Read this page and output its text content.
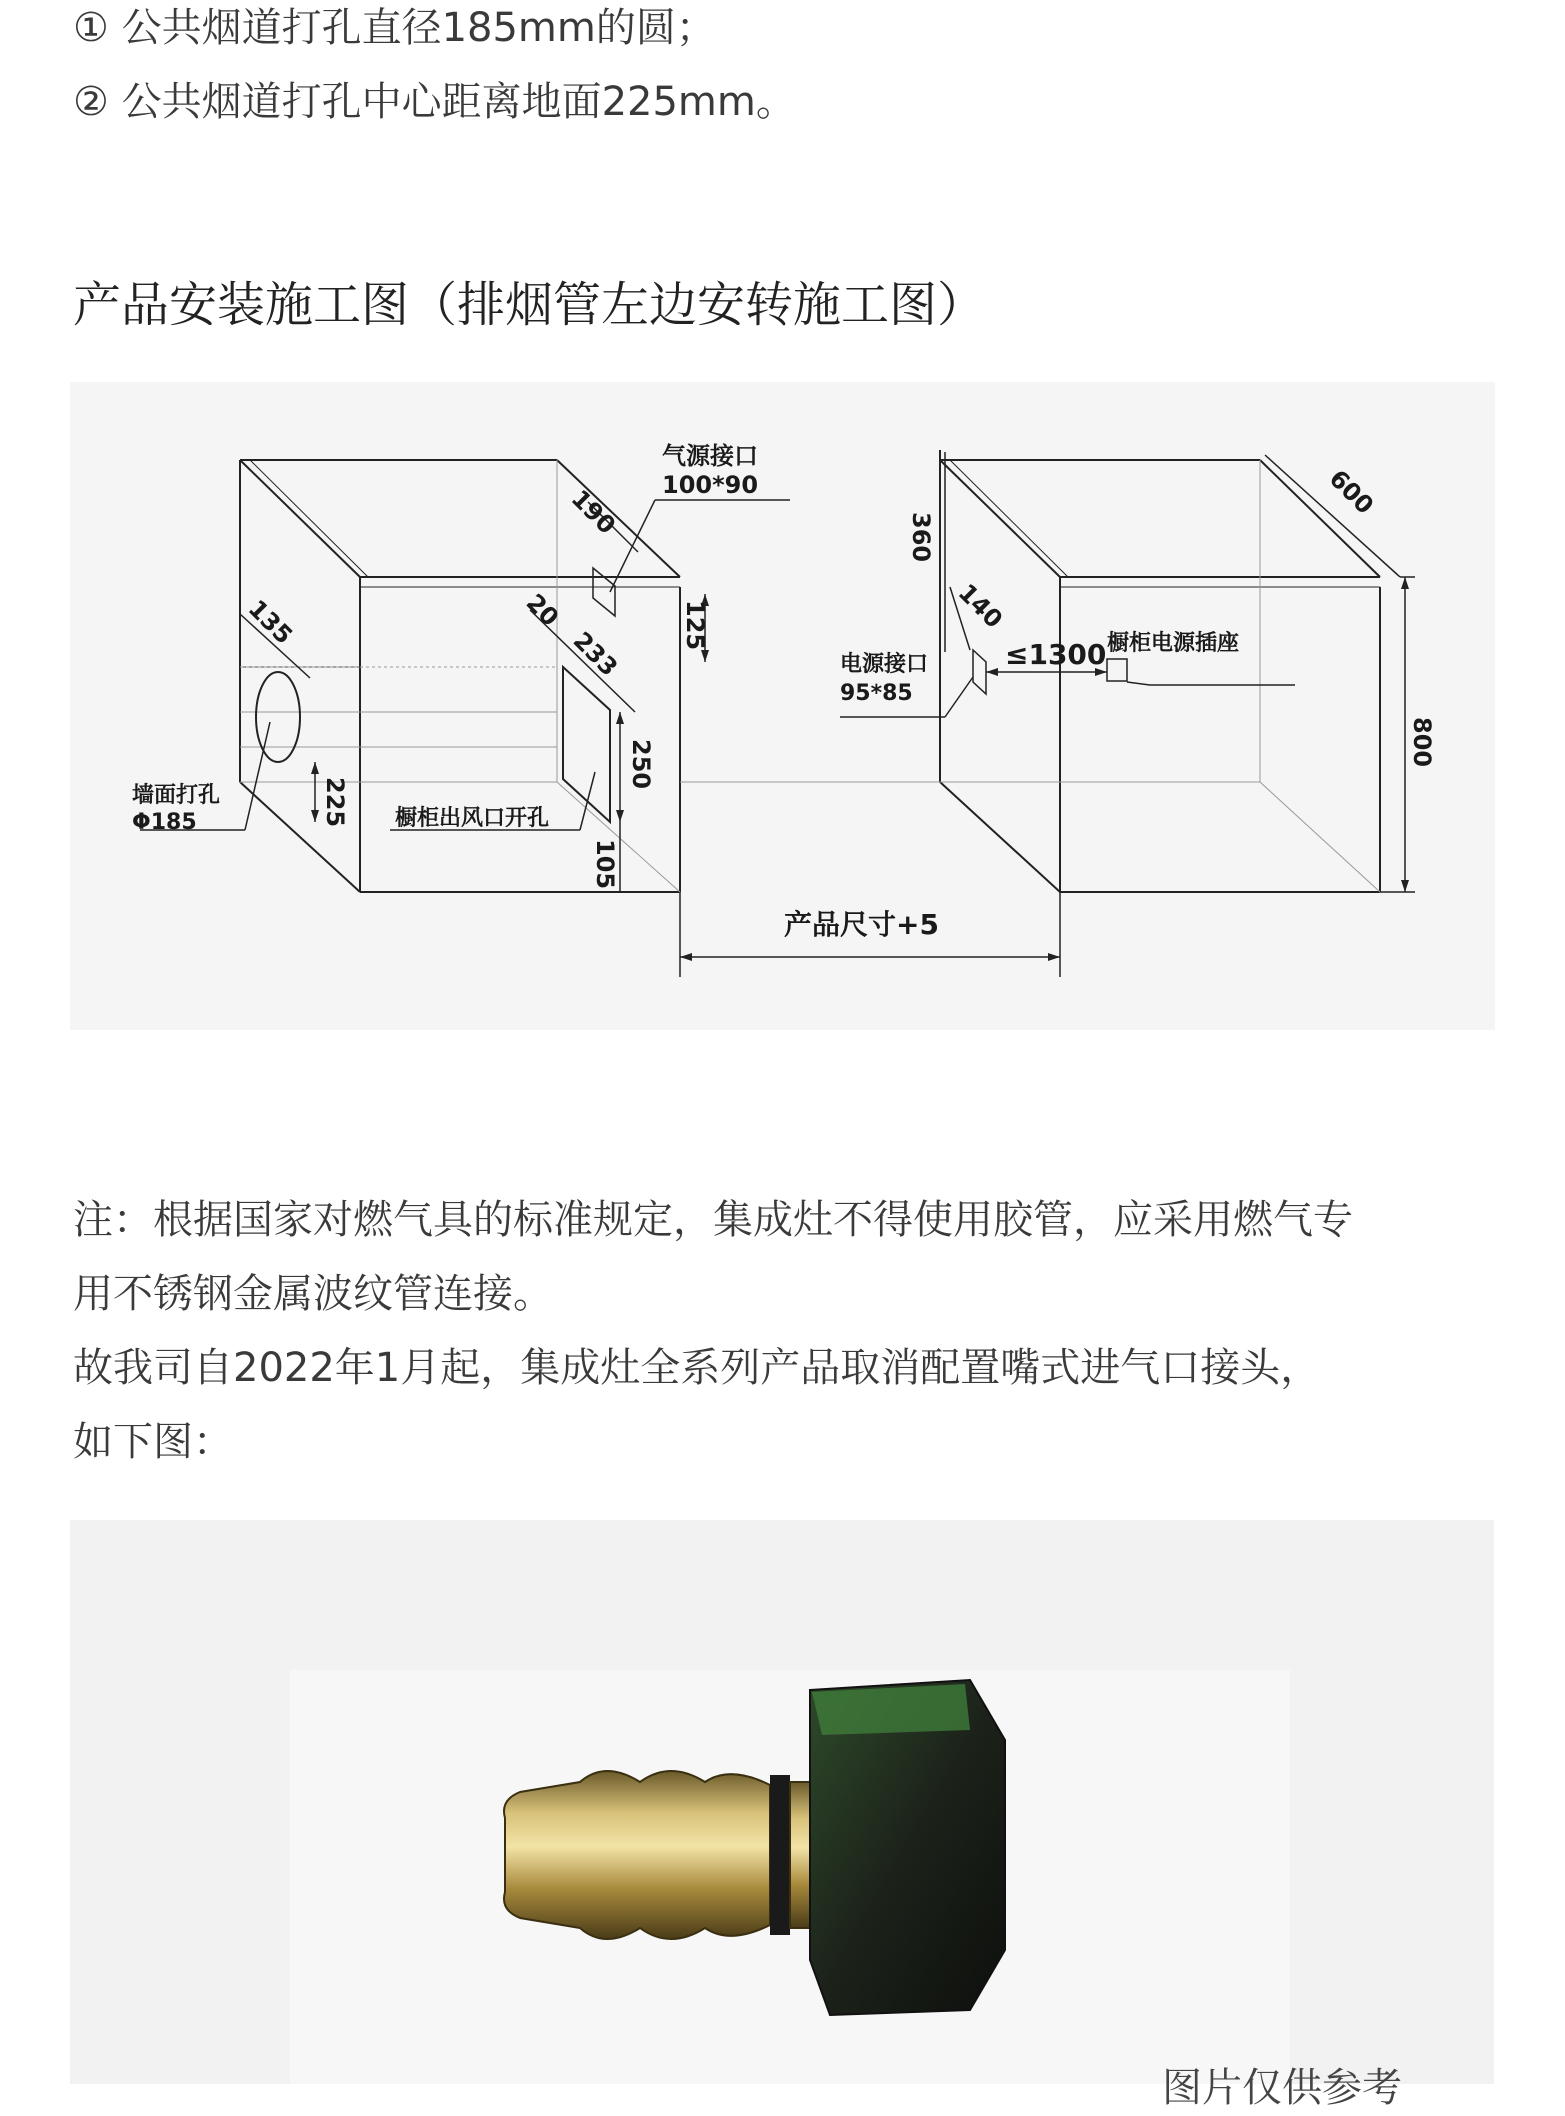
① 公共烟道打孔直径185mm的圆；
② 公共烟道打孔中心距离地面225mm。
产品安装施工图（排烟管左边安转施工图）
气源接口
100*90
墙面打孔
Φ185	橱柜出风口开孔
电源接口
95*85
橱柜电源插座
产品尺寸+5
190
135	20
233
125
250
225
105
360
140
≤1300
600
800
注：根据国家对燃气具的标准规定，集成灶不得使用胶管，应采用燃气专
用不锈钢金属波纹管连接。
故我司自2022年1月起，集成灶全系列产品取消配置嘴式进气口接头，
如下图：
图片仅供参考
